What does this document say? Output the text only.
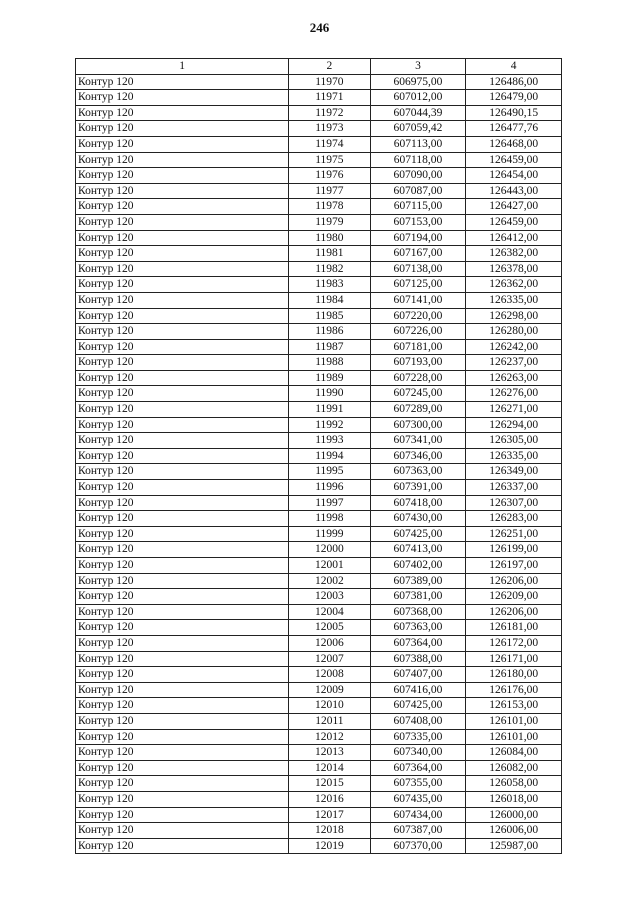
246
1	2	3	4
Контур 120	11970	606975,00	126486,00
Контур 120	11971	607012,00	126479,00
Контур 120	11972	607044,39	126490,15
Контур 120	11973	607059,42	126477,76
Контур 120	11974	607113,00	126468,00
Контур 120	11975	607118,00	126459,00
Контур 120	11976	607090,00	126454,00
Контур 120	11977	607087,00	126443,00
Контур 120	11978	607115,00	126427,00
Контур 120	11979	607153,00	126459,00
Контур 120	11980	607194,00	126412,00
Контур 120	11981	607167,00	126382,00
Контур 120	11982	607138,00	126378,00
Контур 120	11983	607125,00	126362,00
Контур 120	11984	607141,00	126335,00
Контур 120	11985	607220,00	126298,00
Контур 120	11986	607226,00	126280,00
Контур 120	11987	607181,00	126242,00
Контур 120	11988	607193,00	126237,00
Контур 120	11989	607228,00	126263,00
Контур 120	11990	607245,00	126276,00
Контур 120	11991	607289,00	126271,00
Контур 120	11992	607300,00	126294,00
Контур 120	11993	607341,00	126305,00
Контур 120	11994	607346,00	126335,00
Контур 120	11995	607363,00	126349,00
Контур 120	11996	607391,00	126337,00
Контур 120	11997	607418,00	126307,00
Контур 120	11998	607430,00	126283,00
Контур 120	11999	607425,00	126251,00
Контур 120	12000	607413,00	126199,00
Контур 120	12001	607402,00	126197,00
Контур 120	12002	607389,00	126206,00
Контур 120	12003	607381,00	126209,00
Контур 120	12004	607368,00	126206,00
Контур 120	12005	607363,00	126181,00
Контур 120	12006	607364,00	126172,00
Контур 120	12007	607388,00	126171,00
Контур 120	12008	607407,00	126180,00
Контур 120	12009	607416,00	126176,00
Контур 120	12010	607425,00	126153,00
Контур 120	12011	607408,00	126101,00
Контур 120	12012	607335,00	126101,00
Контур 120	12013	607340,00	126084,00
Контур 120	12014	607364,00	126082,00
Контур 120	12015	607355,00	126058,00
Контур 120	12016	607435,00	126018,00
Контур 120	12017	607434,00	126000,00
Контур 120	12018	607387,00	126006,00
Контур 120	12019	607370,00	125987,00
